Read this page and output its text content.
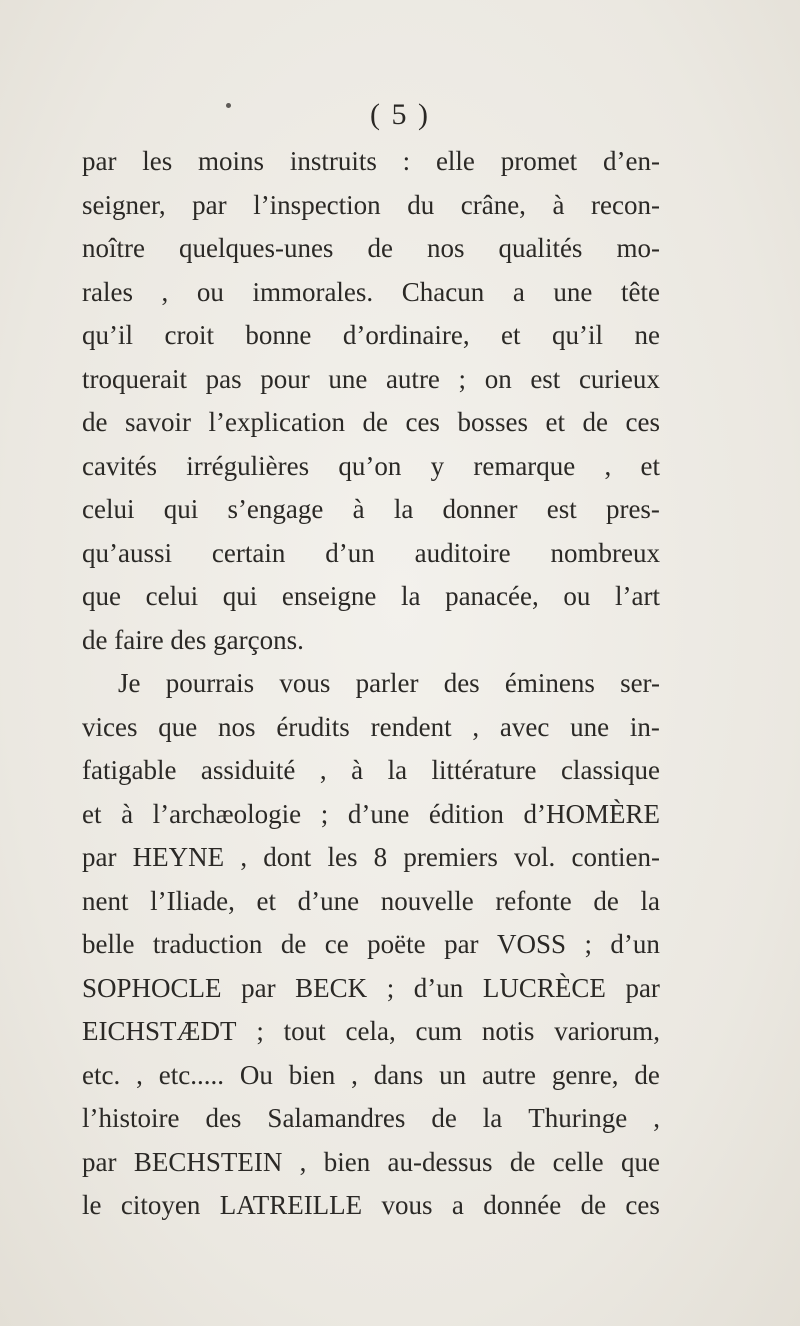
( 5 )
par les moins instruits : elle promet d’en-
seigner, par l’inspection du crâne, à recon-
noître quelques-unes de nos qualités mo-
rales , ou immorales. Chacun a une tête
qu’il croit bonne d’ordinaire, et qu’il ne
troquerait pas pour une autre ; on est curieux
de savoir l’explication de ces bosses et de ces
cavités irrégulières qu’on y remarque , et
celui qui s’engage à la donner est pres-
qu’aussi certain d’un auditoire nombreux
que celui qui enseigne la panacée, ou l’art
de faire des garçons.
Je pourrais vous parler des éminens ser-
vices que nos érudits rendent , avec une in-
fatigable assiduité , à la littérature classique
et à l’archæologie ; d’une édition d’HOMÈRE
par HEYNE , dont les 8 premiers vol. contien-
nent l’Iliade, et d’une nouvelle refonte de la
belle traduction de ce poëte par VOSS ; d’un
SOPHOCLE par BECK ; d’un LUCRÈCE par
EICHSTÆDT ; tout cela, cum notis variorum,
etc. , etc..... Ou bien , dans un autre genre, de
l’histoire des Salamandres de la Thuringe ,
par BECHSTEIN , bien au-dessus de celle que
le citoyen LATREILLE vous a donnée de ces
